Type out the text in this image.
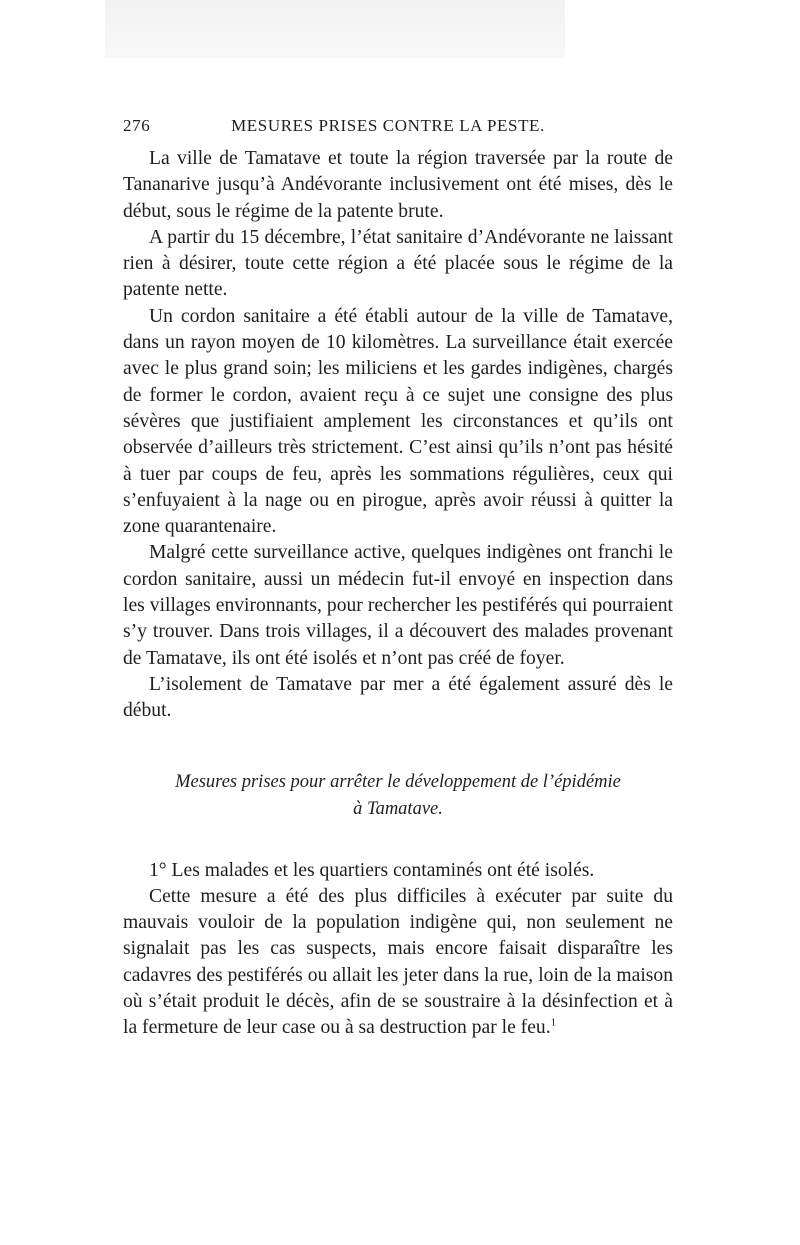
276	MESURES PRISES CONTRE LA PESTE.

La ville de Tamatave et toute la région traversée par la route de Tananarive jusqu’à Andévorante inclusivement ont été mises, dès le début, sous le régime de la patente brute.

A partir du 15 décembre, l’état sanitaire d’Andévorante ne laissant rien à désirer, toute cette région a été placée sous le régime de la patente nette.

Un cordon sanitaire a été établi autour de la ville de Tamatave, dans un rayon moyen de 10 kilomètres. La surveillance était exercée avec le plus grand soin; les miliciens et les gardes indigènes, chargés de former le cordon, avaient reçu à ce sujet une consigne des plus sévères que justifiaient amplement les circonstances et qu’ils ont observée d’ailleurs très strictement. C’est ainsi qu’ils n’ont pas hésité à tuer par coups de feu, après les sommations régulières, ceux qui s’enfuyaient à la nage ou en pirogue, après avoir réussi à quitter la zone quarantenaire.

Malgré cette surveillance active, quelques indigènes ont franchi le cordon sanitaire, aussi un médecin fut-il envoyé en inspection dans les villages environnants, pour rechercher les pestiférés qui pourraient s’y trouver. Dans trois villages, il a découvert des malades provenant de Tamatave, ils ont été isolés et n’ont pas créé de foyer.

L’isolement de Tamatave par mer a été également assuré dès le début.

Mesures prises pour arrêter le développement de l’épidémie
à Tamatave.

1° Les malades et les quartiers contaminés ont été isolés.

Cette mesure a été des plus difficiles à exécuter par suite du mauvais vouloir de la population indigène qui, non seulement ne signalait pas les cas suspects, mais encore faisait disparaître les cadavres des pestiférés ou allait les jeter dans la rue, loin de la maison où s’était produit le décès, afin de se soustraire à la désinfection et à la fermeture de leur case ou à sa destruction par le feu.$^1$
